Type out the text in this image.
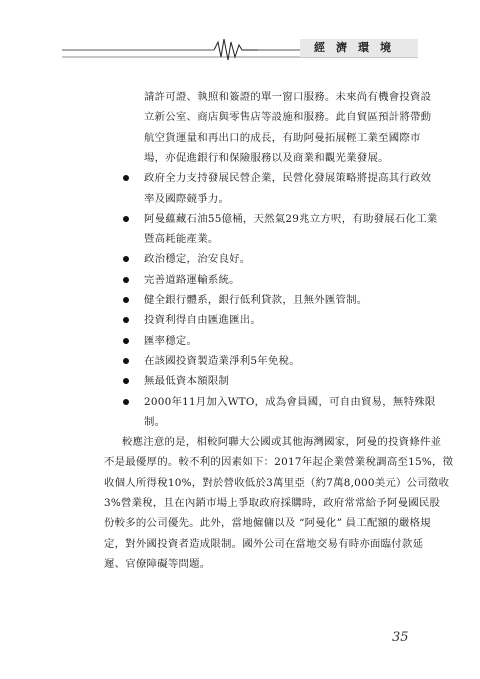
經濟環境
請許可證、執照和簽證的單一窗口服務。未來尚有機會投資設
立新公室、商店與零售店等設施和服務。此自貿區預計將帶動
航空貨運量和再出口的成長，有助阿曼拓展輕工業至國際市
場，亦促進銀行和保險服務以及商業和觀光業發展。
政府全力支持發展民營企業，民營化發展策略將提高其行政效
率及國際競爭力。
阿曼蘊藏石油55億桶，天然氣29兆立方呎，有助發展石化工業
暨高耗能產業。
政治穩定，治安良好。
完善道路運輸系統。
健全銀行體系，銀行低利貸款，且無外匯管制。
投資利得自由匯進匯出。
匯率穩定。
在該國投資製造業淨利5年免稅。
無最低資本額限制
2000年11月加入WTO，成為會員國，可自由貿易，無特殊限
制。
較應注意的是，相較阿聯大公國或其他海灣國家，阿曼的投資條件並
不是最優厚的。較不利的因素如下：2017年起企業營業稅調高至15%，徵
收個人所得稅10%，對於營收低於3萬里亞（約7萬8,000美元）公司徵收
3%營業稅，且在內銷市場上爭取政府採購時，政府常常給予阿曼國民股
份較多的公司優先。此外，當地僱傭以及 “阿曼化” 員工配額的嚴格規
定，對外國投資者造成限制。國外公司在當地交易有時亦面臨付款延
遲、官僚障礙等問題。
35
